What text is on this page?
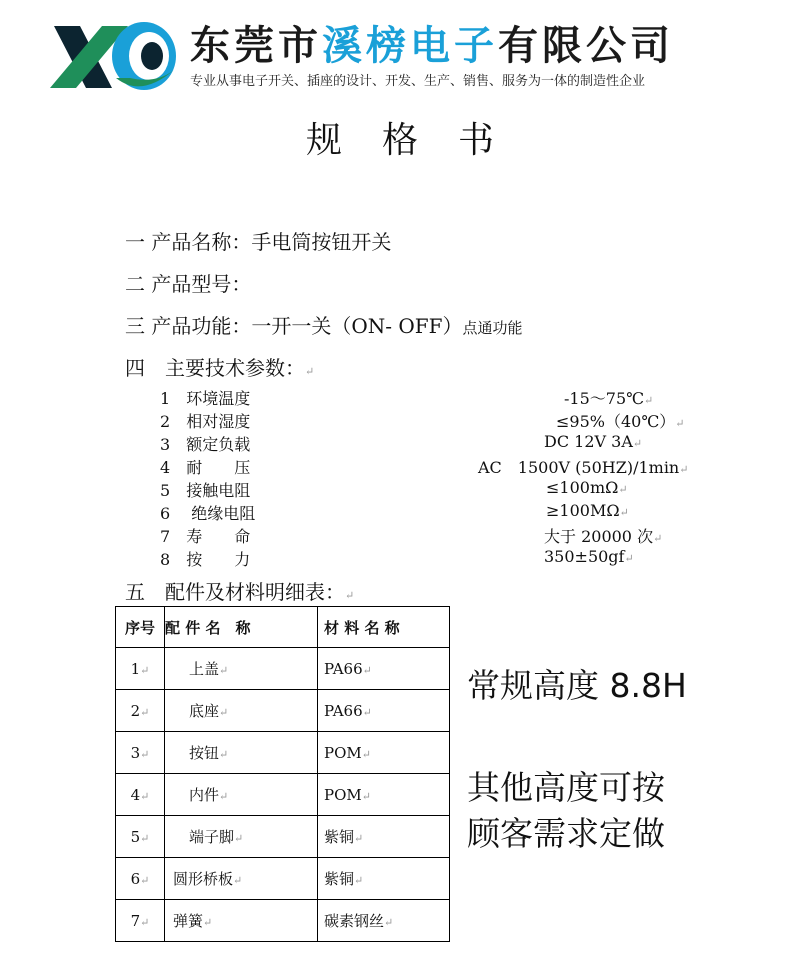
东莞市溪榜电子有限公司
专业从事电子开关、插座的设计、开发、生产、销售、服务为一体的制造性企业
规格书
一 产品名称：手电筒按钮开关
二 产品型号：
三 产品功能：一开一关（ON- OFF）点通功能
四　主要技术参数：↵
1　 环境温度	-15～75℃↵
2　 相对湿度	≤95%（40℃）↵
3　 额定负载	DC 12V 3A↵
4　 耐　　压	AC　1500V (50HZ)/1min↵
5　 接触电阻	≤100mΩ↵
6　 绝缘电阻	≥100MΩ↵
7　 寿　　命	大于 20000 次↵
8　 按　　力	350±50gf↵
五　配件及材料明细表：↵
序号	配 件 名　称	材 料 名 称
1↵	上盖↵	PA66↵
2↵	底座↵	PA66↵
3↵	按钮↵	POM↵
4↵	内件↵	POM↵
5↵	端子脚↵	紫铜↵
6↵	圆形桥板↵	紫铜↵
7↵	弹簧↵	碳素钢丝↵
常规高度 8.8H
其他高度可按
顾客需求定做
